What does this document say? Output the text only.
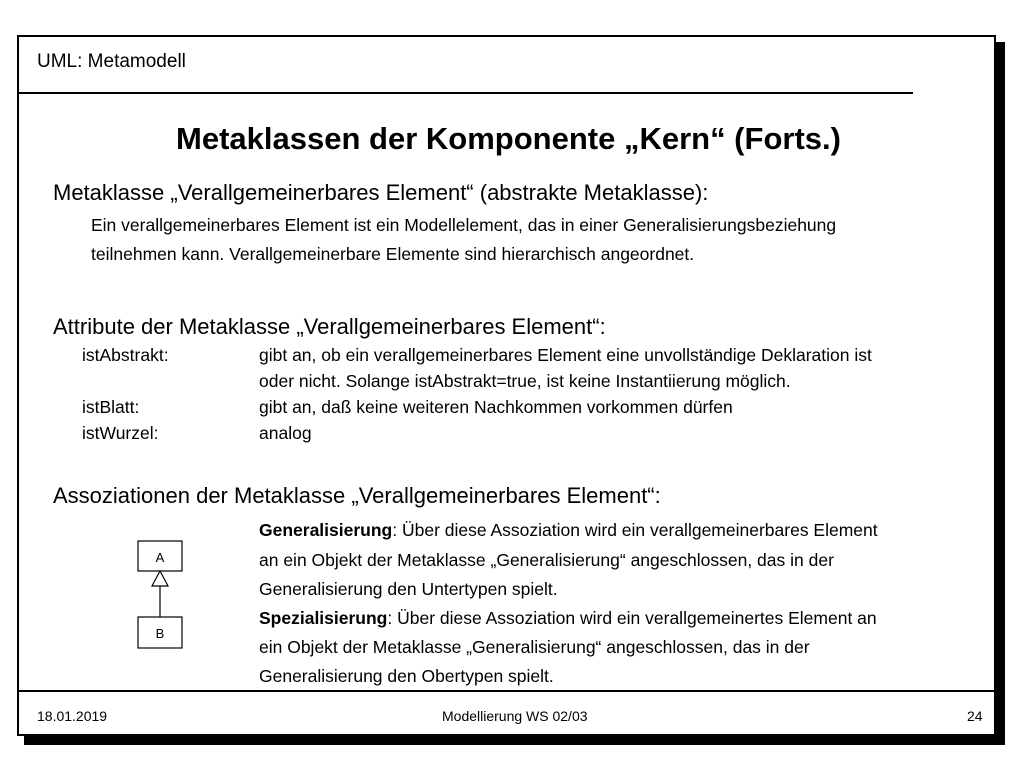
UML: Metamodell
Metaklassen der Komponente „Kern“ (Forts.)
Metaklasse „Verallgemeinerbares Element“ (abstrakte Metaklasse):
Ein verallgemeinerbares Element ist ein Modellelement, das in einer Generalisierungsbeziehung
teilnehmen kann. Verallgemeinerbare Elemente sind hierarchisch angeordnet.
Attribute der Metaklasse „Verallgemeinerbares Element“:
istAbstrakt:	gibt an, ob ein verallgemeinerbares Element eine unvollständige Deklaration ist
oder nicht. Solange istAbstrakt=true, ist keine Instantiierung möglich.
istBlatt:	gibt an, daß keine weiteren Nachkommen vorkommen dürfen
istWurzel:	analog
Assoziationen der Metaklasse „Verallgemeinerbares Element“:
Generalisierung: Über diese Assoziation wird ein verallgemeinerbares Element
an ein Objekt der Metaklasse „Generalisierung“ angeschlossen, das in der
Generalisierung den Untertypen spielt.
Spezialisierung: Über diese Assoziation wird ein verallgemeinertes Element an
ein Objekt der Metaklasse „Generalisierung“ angeschlossen, das in der
Generalisierung den Obertypen spielt.
A
B
18.01.2019	Modellierung WS 02/03	24
